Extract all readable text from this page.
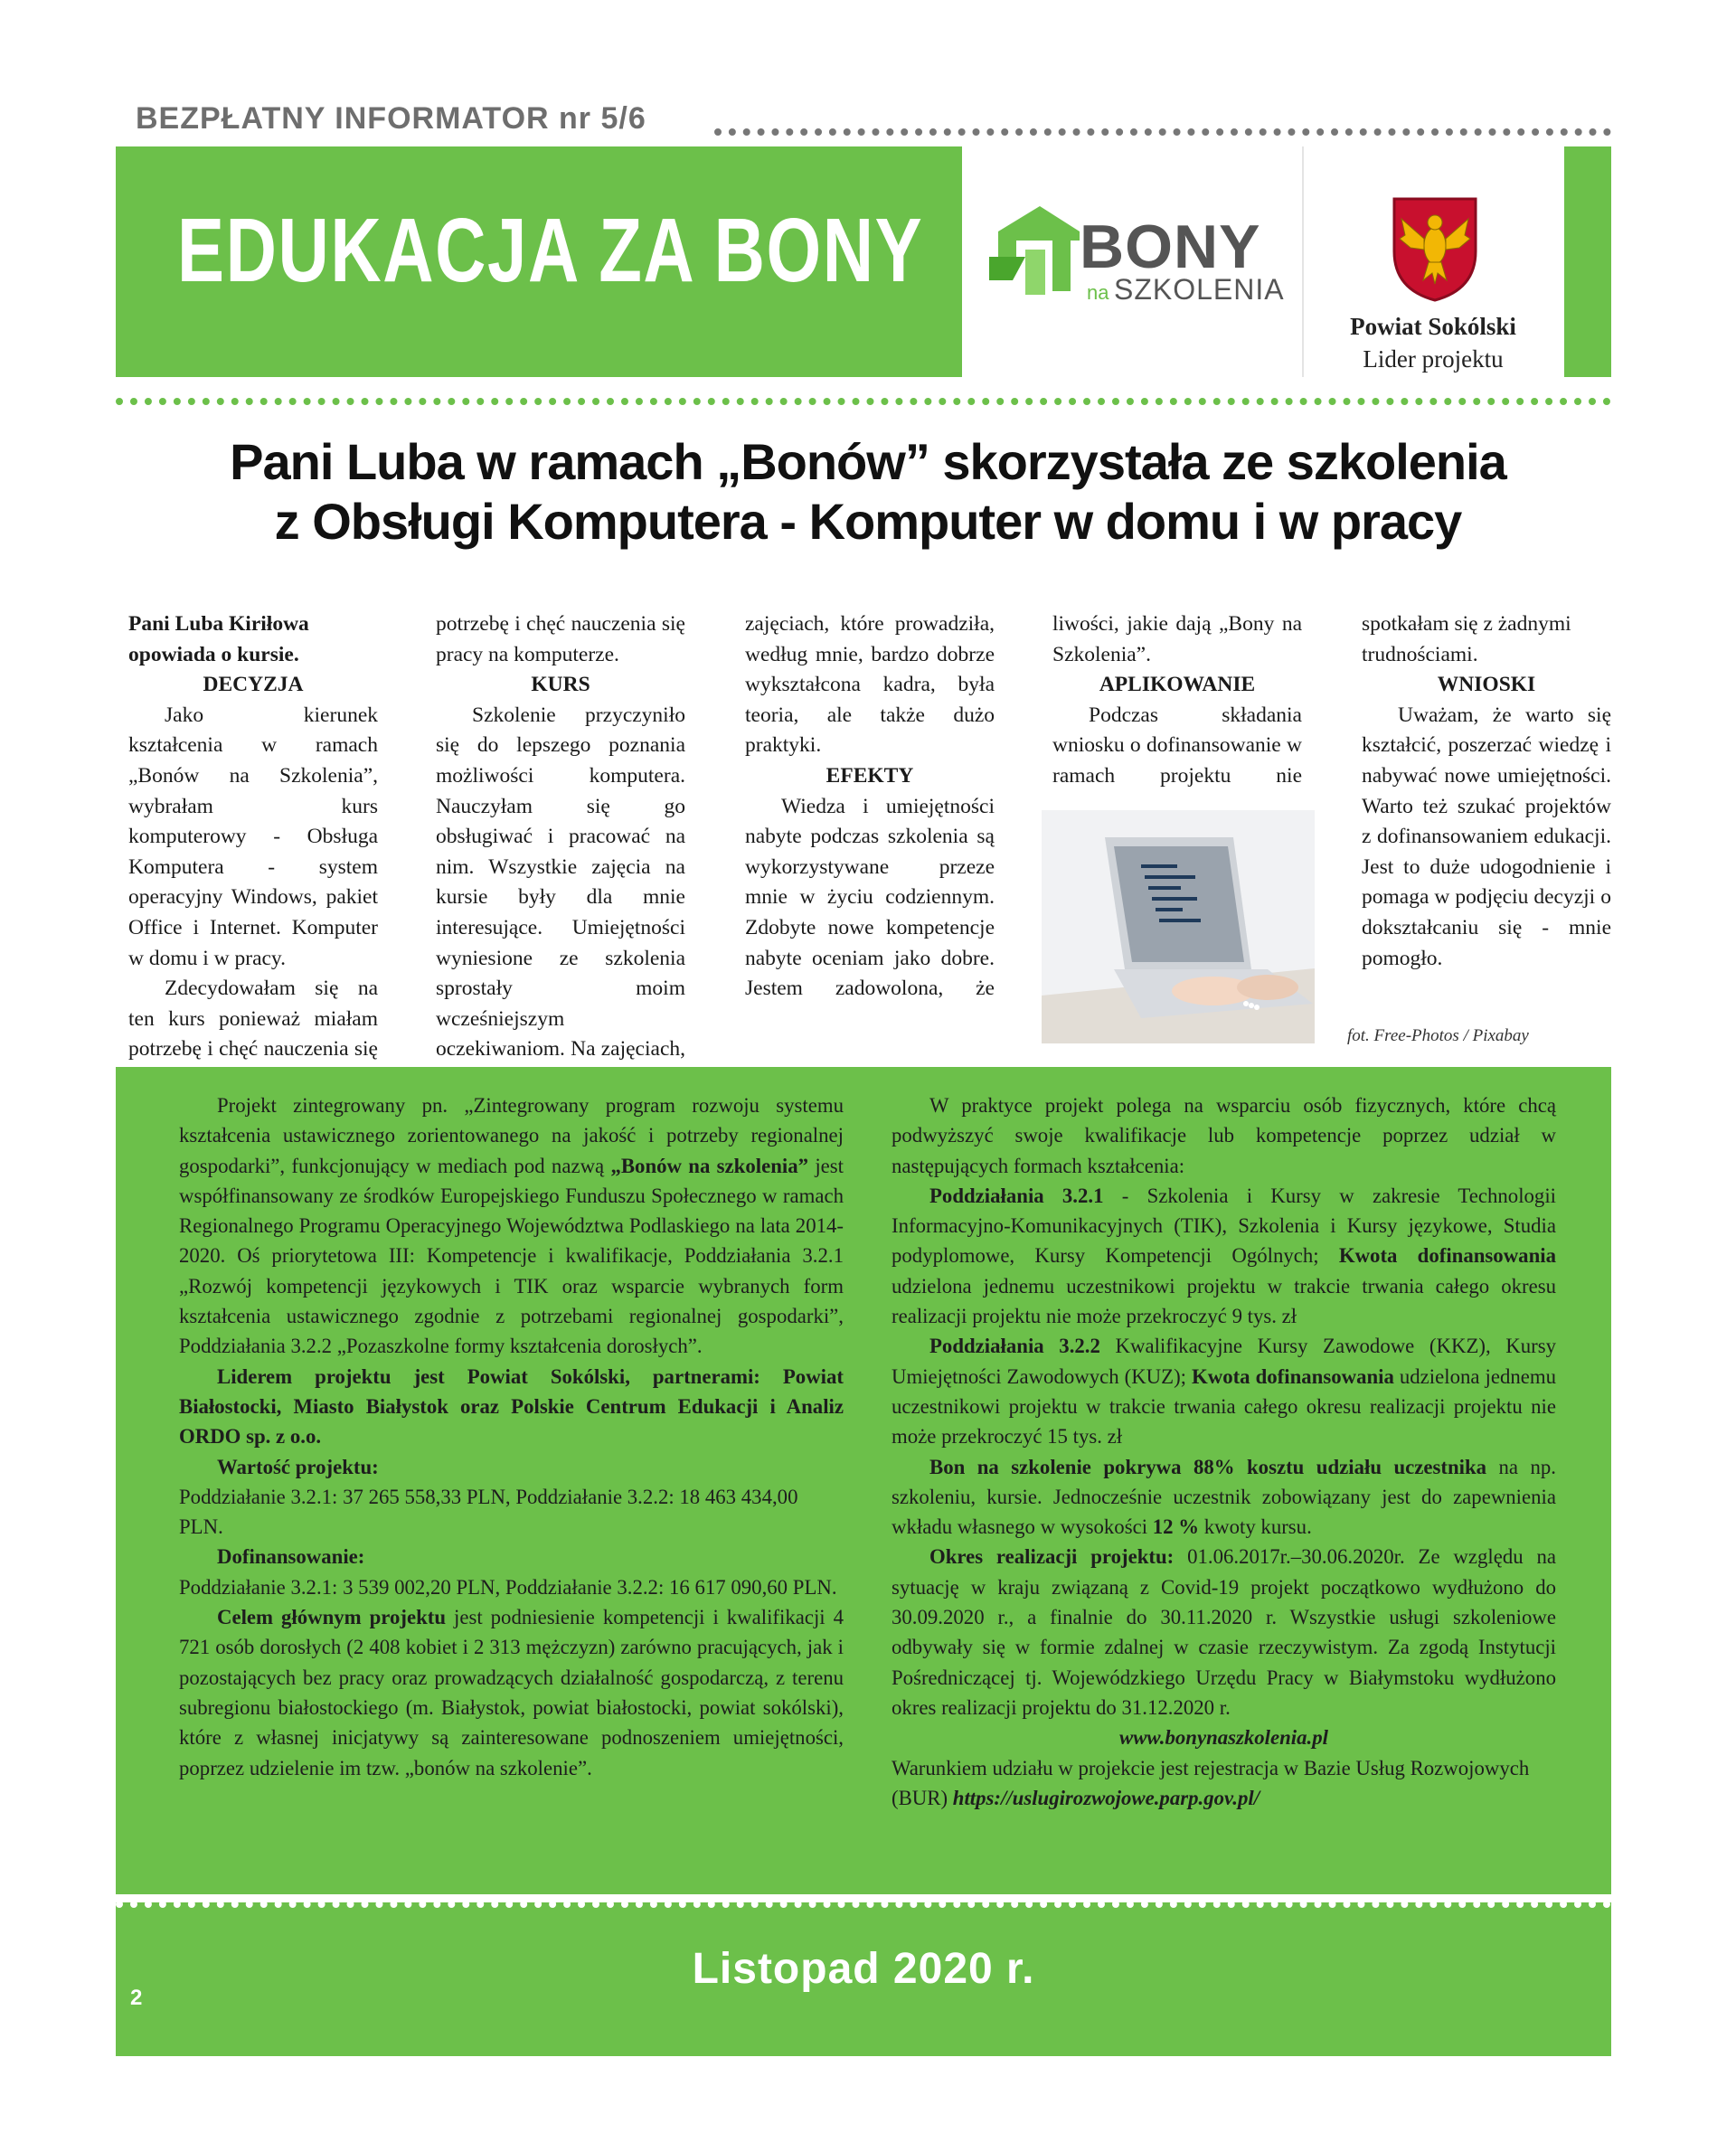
BEZPŁATNY INFORMATOR nr 5/6
EDUKACJA ZA BONY	BONY
na SZKOLENIA
Powiat Sokólski
Lider projektu
Pani Luba w ramach „Bonów” skorzystała ze szkolenia
z Obsługi Komputera - Komputer w domu i w pracy

Pani Luba Kiriłowa opowiada o kursie.

DECYZJA

Jako kierunek kształcenia w ramach „Bonów na Szkolenia”, wybrałam kurs komputerowy - Obsługa Komputera - system operacyjny Windows, pakiet Office i Internet. Komputer w domu i w pracy.

Zdecydowałam się na ten kurs ponieważ miałam potrzebę i chęć nauczenia się

potrzebę i chęć nauczenia się pracy na komputerze.

KURS

Szkolenie przyczyniło się do lepszego poznania możliwości komputera. Nauczyłam się go obsługiwać i pracować na nim. Wszystkie zajęcia na kursie były dla mnie interesujące. Umiejętności wyniesione ze szkolenia sprostały moim wcześniejszym oczekiwaniom. Na zajęciach,

zajęciach, które prowadziła, według mnie, bardzo dobrze wykształcona kadra, była teoria, ale także dużo praktyki.

EFEKTY

Wiedza i umiejętności nabyte podczas szkolenia są wykorzystywane przeze mnie w życiu codziennym. Zdobyte nowe kompetencje nabyte oceniam jako dobre. Jestem zadowolona, że

liwości, jakie dają „Bony na Szkolenia”.

APLIKOWANIE

Podczas składania wniosku o dofinansowanie w ramach projektu nie

spotkałam się z żadnymi trudnościami.

WNIOSKI

Uważam, że warto się kształcić, poszerzać wiedzę i nabywać nowe umiejętności. Warto też szukać projektów z dofinansowaniem edukacji. Jest to duże udogodnienie i pomaga w podjęciu decyzji o dokształcaniu się - mnie pomogło.

fot. Free-Photos / Pixabay

Projekt zintegrowany pn. „Zintegrowany program rozwoju systemu kształcenia ustawicznego zorientowanego na jakość i potrzeby regionalnej gospodarki”, funkcjonujący w mediach pod nazwą „Bonów na szkolenia” jest współfinansowany ze środków Europejskiego Funduszu Społecznego w ramach Regionalnego Programu Operacyjnego Województwa Podlaskiego na lata 2014-2020. Oś priorytetowa III: Kompetencje i kwalifikacje, Poddziałania 3.2.1 „Rozwój kompetencji językowych i TIK oraz wsparcie wybranych form kształcenia ustawicznego zgodnie z potrzebami regionalnej gospodarki”, Poddziałania 3.2.2 „Pozaszkolne formy kształcenia dorosłych”.

Liderem projektu jest Powiat Sokólski, partnerami: Powiat Białostocki, Miasto Białystok oraz Polskie Centrum Edukacji i Analiz ORDO sp. z o.o.

Wartość projektu:

Poddziałanie 3.2.1: 37 265 558,33 PLN, Poddziałanie 3.2.2: 18 463 434,00 PLN.

Dofinansowanie:

Poddziałanie 3.2.1: 3 539 002,20 PLN, Poddziałanie 3.2.2: 16 617 090,60 PLN.

Celem głównym projektu jest podniesienie kompetencji i kwalifikacji 4 721 osób dorosłych (2 408 kobiet i 2 313 mężczyzn) zarówno pracujących, jak i pozostających bez pracy oraz prowadzących działalność gospodarczą, z terenu subregionu białostockiego (m. Białystok, powiat białostocki, powiat sokólski), które z własnej inicjatywy są zainteresowane podnoszeniem umiejętności, poprzez udzielenie im tzw. „bonów na szkolenie”.

W praktyce projekt polega na wsparciu osób fizycznych, które chcą podwyższyć swoje kwalifikacje lub kompetencje poprzez udział w następujących formach kształcenia:

Poddziałania 3.2.1 - Szkolenia i Kursy w zakresie Technologii Informacyjno-Komunikacyjnych (TIK), Szkolenia i Kursy językowe, Studia podyplomowe, Kursy Kompetencji Ogólnych; Kwota dofinansowania udzielona jednemu uczestnikowi projektu w trakcie trwania całego okresu realizacji projektu nie może przekroczyć 9 tys. zł

Poddziałania 3.2.2 Kwalifikacyjne Kursy Zawodowe (KKZ), Kursy Umiejętności Zawodowych (KUZ); Kwota dofinansowania udzielona jednemu uczestnikowi projektu w trakcie trwania całego okresu realizacji projektu nie może przekroczyć 15 tys. zł

Bon na szkolenie pokrywa 88% kosztu udziału uczestnika na np. szkoleniu, kursie. Jednocześnie uczestnik zobowiązany jest do zapewnienia wkładu własnego w wysokości 12 % kwoty kursu.

Okres realizacji projektu: 01.06.2017r.–30.06.2020r. Ze względu na sytuację w kraju związaną z Covid-19 projekt początkowo wydłużono do 30.09.2020 r., a finalnie do 30.11.2020 r. Wszystkie usługi szkoleniowe odbywały się w formie zdalnej w czasie rzeczywistym. Za zgodą Instytucji Pośredniczącej tj. Wojewódzkiego Urzędu Pracy w Białymstoku wydłużono okres realizacji projektu do 31.12.2020 r.

www.bonynaszkolenia.pl

Warunkiem udziału w projekcie jest rejestracja w Bazie Usług Rozwojowych (BUR) https://uslugirozwojowe.parp.gov.pl/

Listopad 2020 r.
2
